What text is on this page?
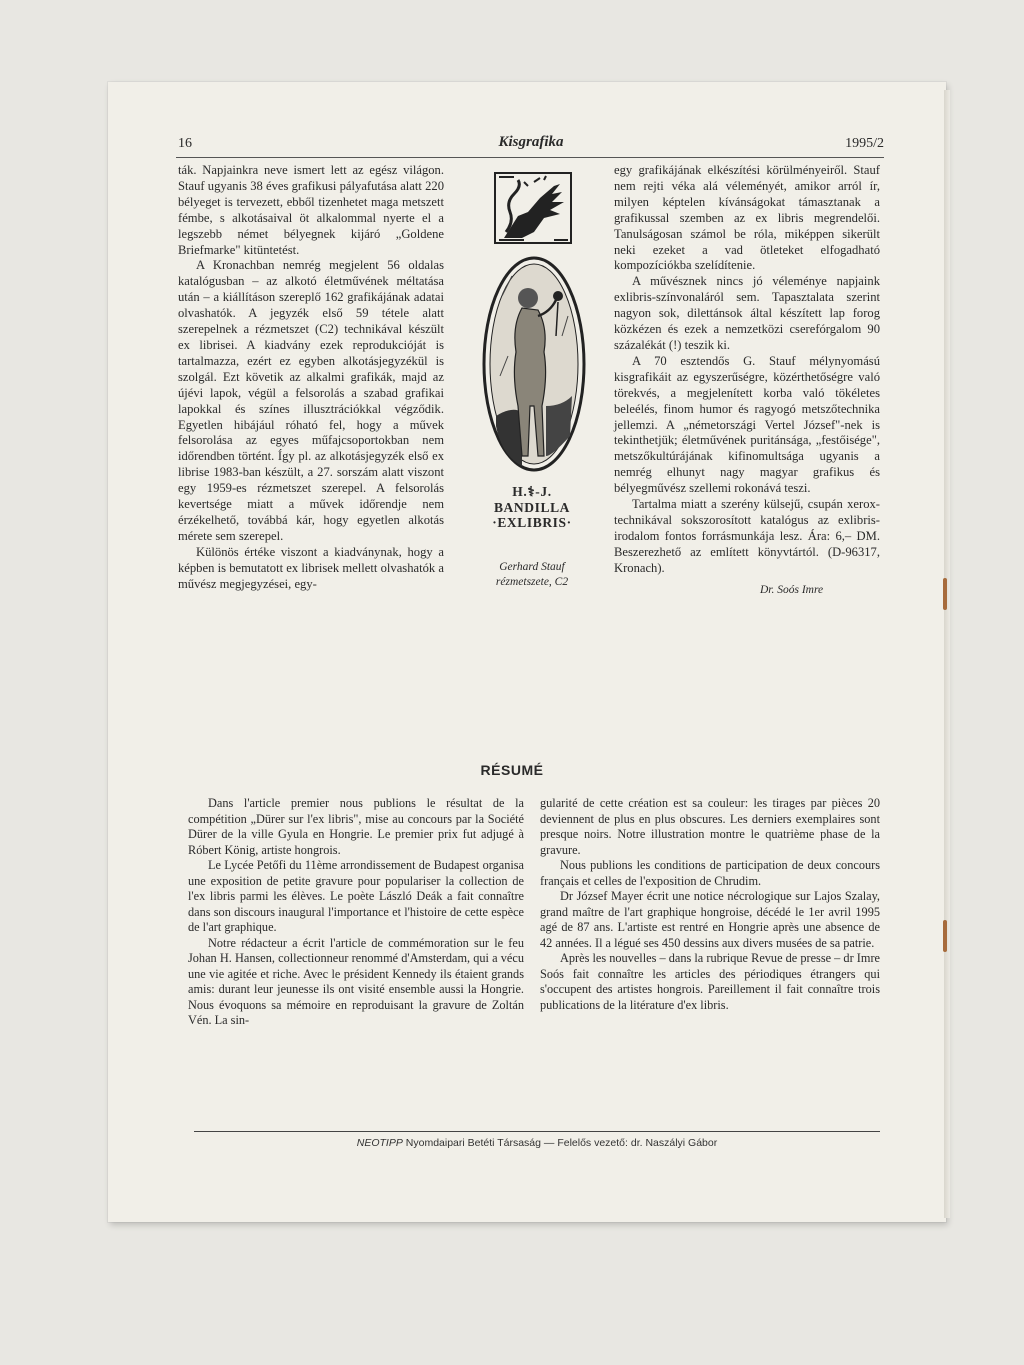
16	Kisgrafika	1995/2

ták. Napjainkra neve ismert lett az egész világon. Stauf ugyanis 38 éves grafikusi pályafutása alatt 220 bélyeget is tervezett, ebből tizenhetet maga metszett fémbe, s alkotásaival öt alkalommal nyerte el a legszebb német bélyegnek kijáró „Goldene Briefmarke" kitüntetést.

A Kronachban nemrég megjelent 56 oldalas katalógusban – az alkotó életművének méltatása után – a kiállításon szereplő 162 grafikájának adatai olvashatók. A jegyzék első 59 tétele alatt szerepelnek a rézmetszet (C2) technikával készült ex librisei. A kiadvány ezek reprodukcióját is tartalmazza, ezért ez egyben alkotásjegyzékül is szolgál. Ezt követik az alkalmi grafikák, majd az újévi lapok, végül a felsorolás a szabad grafikai lapokkal és színes illusztrációkkal végződik. Egyetlen hibájául róható fel, hogy a művek felsorolása az egyes műfajcsoportokban nem időrendben történt. Így pl. az alkotásjegyzék első ex librise 1983-ban készült, a 27. sorszám alatt viszont egy 1959-es rézmetszet szerepel. A felsorolás kevertsége miatt a művek időrendje nem érzékelhető, továbbá kár, hogy egyetlen alkotás mérete sem szerepel.

Különös értéke viszont a kiadványnak, hogy a képben is bemutatott ex librisek mellett olvashatók a művész megjegyzései, egy-

H.⚕-J.
BANDILLA
·EXLIBRIS·
Gerhard Stauf rézmetszete, C2

egy grafikájának elkészítési körülményeiről. Stauf nem rejti véka alá véleményét, amikor arról ír, milyen képtelen kívánságokat támasztanak a grafikussal szemben az ex libris megrendelői. Tanulságosan számol be róla, miképpen sikerült neki ezeket a vad ötleteket elfogadható kompozíciókba szelídítenie.

A művésznek nincs jó véleménye napjaink exlibris-színvonaláról sem. Tapasztalata szerint nagyon sok, dilettánsok által készített lap forog közkézen és ezek a nemzetközi cserefórgalom 90 százalékát (!) teszik ki.

A 70 esztendős G. Stauf mélynyomású kisgrafikáit az egyszerűségre, közérthetőségre való törekvés, a megjelenített korba való tökéletes beleélés, finom humor és ragyogó metszőtechnika jellemzi. A „németországi Vertel József"-nek is tekinthetjük; életművének puritánsága, „festőisége", metszőkultúrájának kifinomultsága ugyanis a nemrég elhunyt nagy magyar grafikus és bélyegművész szellemi rokonává teszi.

Tartalma miatt a szerény külsejű, csupán xerox-technikával sokszorosított katalógus az exlibris-irodalom fontos forrásmunkája lesz. Ára: 6,– DM. Beszerezhető az említett könyvtártól. (D-96317, Kronach).

Dr. Soós Imre
RÉSUMÉ

Dans l'article premier nous publions le résultat de la compétition „Dürer sur l'ex libris", mise au concours par la Société Dürer de la ville Gyula en Hongrie. Le premier prix fut adjugé à Róbert König, artiste hongrois.

Le Lycée Petőfi du 11ème arrondissement de Budapest organisa une exposition de petite gravure pour populariser la collection de l'ex libris parmi les élèves. Le poète László Deák a fait connaître dans son discours inaugural l'importance et l'histoire de cette espèce de l'art graphique.

Notre rédacteur a écrit l'article de commémoration sur le feu Johan H. Hansen, collectionneur renommé d'Amsterdam, qui a vécu une vie agitée et riche. Avec le président Kennedy ils étaient grands amis: durant leur jeunesse ils ont visité ensemble aussi la Hongrie. Nous évoquons sa mémoire en reproduisant la gravure de Zoltán Vén. La sin-

gularité de cette création est sa couleur: les tirages par pièces 20 deviennent de plus en plus obscures. Les derniers exemplaires sont presque noirs. Notre illustration montre le quatrième phase de la gravure.

Nous publions les conditions de participation de deux concours français et celles de l'exposition de Chrudim.

Dr József Mayer écrit une notice nécrologique sur Lajos Szalay, grand maître de l'art graphique hongroise, décédé le 1er avril 1995 agé de 87 ans. L'artiste est rentré en Hongrie après une absence de 42 années. Il a légué ses 450 dessins aux divers musées de sa patrie.

Après les nouvelles – dans la rubrique Revue de presse – dr Imre Soós fait connaître les articles des périodiques étrangers qui s'occupent des artistes hongrois. Pareillement il fait connaître trois publications de la litérature d'ex libris.

NEOTIPP Nyomdaipari Betéti Társaság — Felelős vezető: dr. Naszályi Gábor
